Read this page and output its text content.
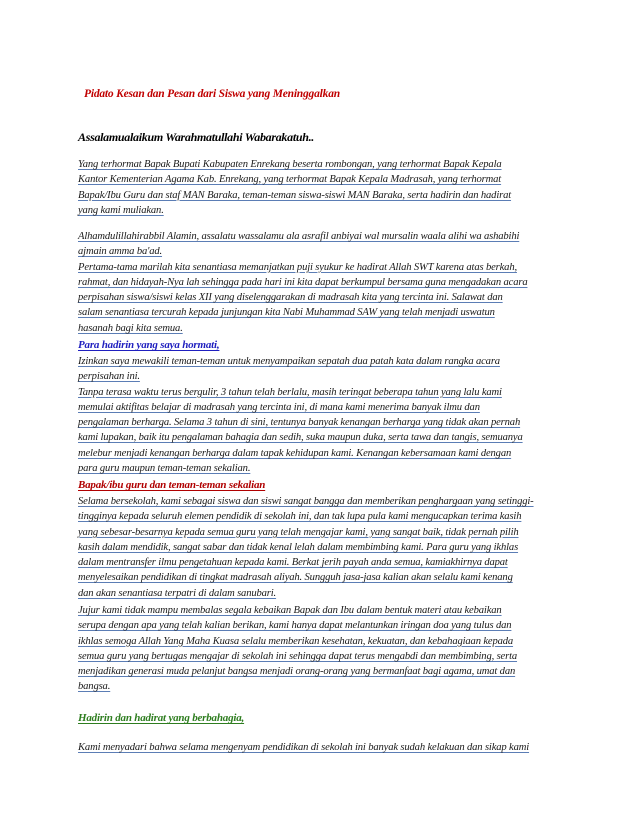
Pidato Kesan dan Pesan dari Siswa yang Meninggalkan
Assalamualaikum Warahmatullahi Wabarakatuh..
Yang terhormat Bapak Bupati Kabupaten Enrekang beserta rombongan, yang terhormat Bapak Kepala
Kantor Kementerian Agama Kab. Enrekang, yang terhormat Bapak Kepala Madrasah, yang terhormat
Bapak/Ibu Guru dan staf MAN Baraka, teman-teman siswa-siswi MAN Baraka, serta hadirin dan hadirat
yang kami muliakan.
Alhamdulillahirabbil Alamin, assalatu wassalamu ala asrafil anbiyai wal mursalin waala alihi wa ashabihi
ajmain amma ba'ad.
Pertama-tama marilah kita senantiasa memanjatkan puji syukur ke hadirat Allah SWT karena atas berkah,
rahmat, dan hidayah-Nya lah sehingga pada hari ini kita dapat berkumpul bersama guna mengadakan acara
perpisahan siswa/siswi kelas XII yang diselenggarakan di madrasah kita yang tercinta ini. Salawat dan
salam senantiasa tercurah kepada junjungan kita Nabi Muhammad SAW yang telah menjadi uswatun
hasanah bagi kita semua.
Para hadirin yang saya hormati,
Izinkan saya mewakili teman-teman untuk menyampaikan sepatah dua patah kata dalam rangka acara
perpisahan ini.
Tanpa terasa waktu terus bergulir, 3 tahun telah berlalu, masih teringat beberapa tahun yang lalu kami
memulai aktifitas belajar di madrasah yang tercinta ini, di mana kami menerima banyak ilmu dan
pengalaman berharga. Selama 3 tahun di sini, tentunya banyak kenangan berharga yang tidak akan pernah
kami lupakan, baik itu pengalaman bahagia dan sedih, suka maupun duka, serta tawa dan tangis, semuanya
melebur menjadi kenangan berharga dalam tapak kehidupan kami. Kenangan kebersamaan kami dengan
para guru maupun teman-teman sekalian.
Bapak/ibu guru dan teman-teman sekalian
Selama bersekolah, kami sebagai siswa dan siswi sangat bangga dan memberikan penghargaan yang setinggi-
tingginya kepada seluruh elemen pendidik di sekolah ini, dan tak lupa pula kami mengucapkan terima kasih
yang sebesar-besarnya kepada semua guru yang telah mengajar kami, yang sangat baik, tidak pernah pilih
kasih dalam mendidik, sangat sabar dan tidak kenal lelah dalam membimbing kami. Para guru yang ikhlas
dalam mentransfer ilmu pengetahuan kepada kami. Berkat jerih payah anda semua, kamiakhirnya dapat
menyelesaikan pendidikan di tingkat madrasah aliyah. Sungguh jasa-jasa kalian akan selalu kami kenang
dan akan senantiasa terpatri di dalam sanubari.
Jujur kami tidak mampu membalas segala kebaikan Bapak dan Ibu dalam bentuk materi atau kebaikan
serupa dengan apa yang telah kalian berikan, kami hanya dapat melantunkan iringan doa yang tulus dan
ikhlas semoga Allah Yang Maha Kuasa selalu memberikan kesehatan, kekuatan, dan kebahagiaan kepada
semua guru yang bertugas mengajar di sekolah ini sehingga dapat terus mengabdi dan membimbing, serta
menjadikan generasi muda pelanjut bangsa menjadi orang-orang yang bermanfaat bagi agama, umat dan
bangsa.
Hadirin dan hadirat yang berbahagia,
Kami menyadari bahwa selama mengenyam pendidikan di sekolah ini banyak sudah kelakuan dan sikap kami
